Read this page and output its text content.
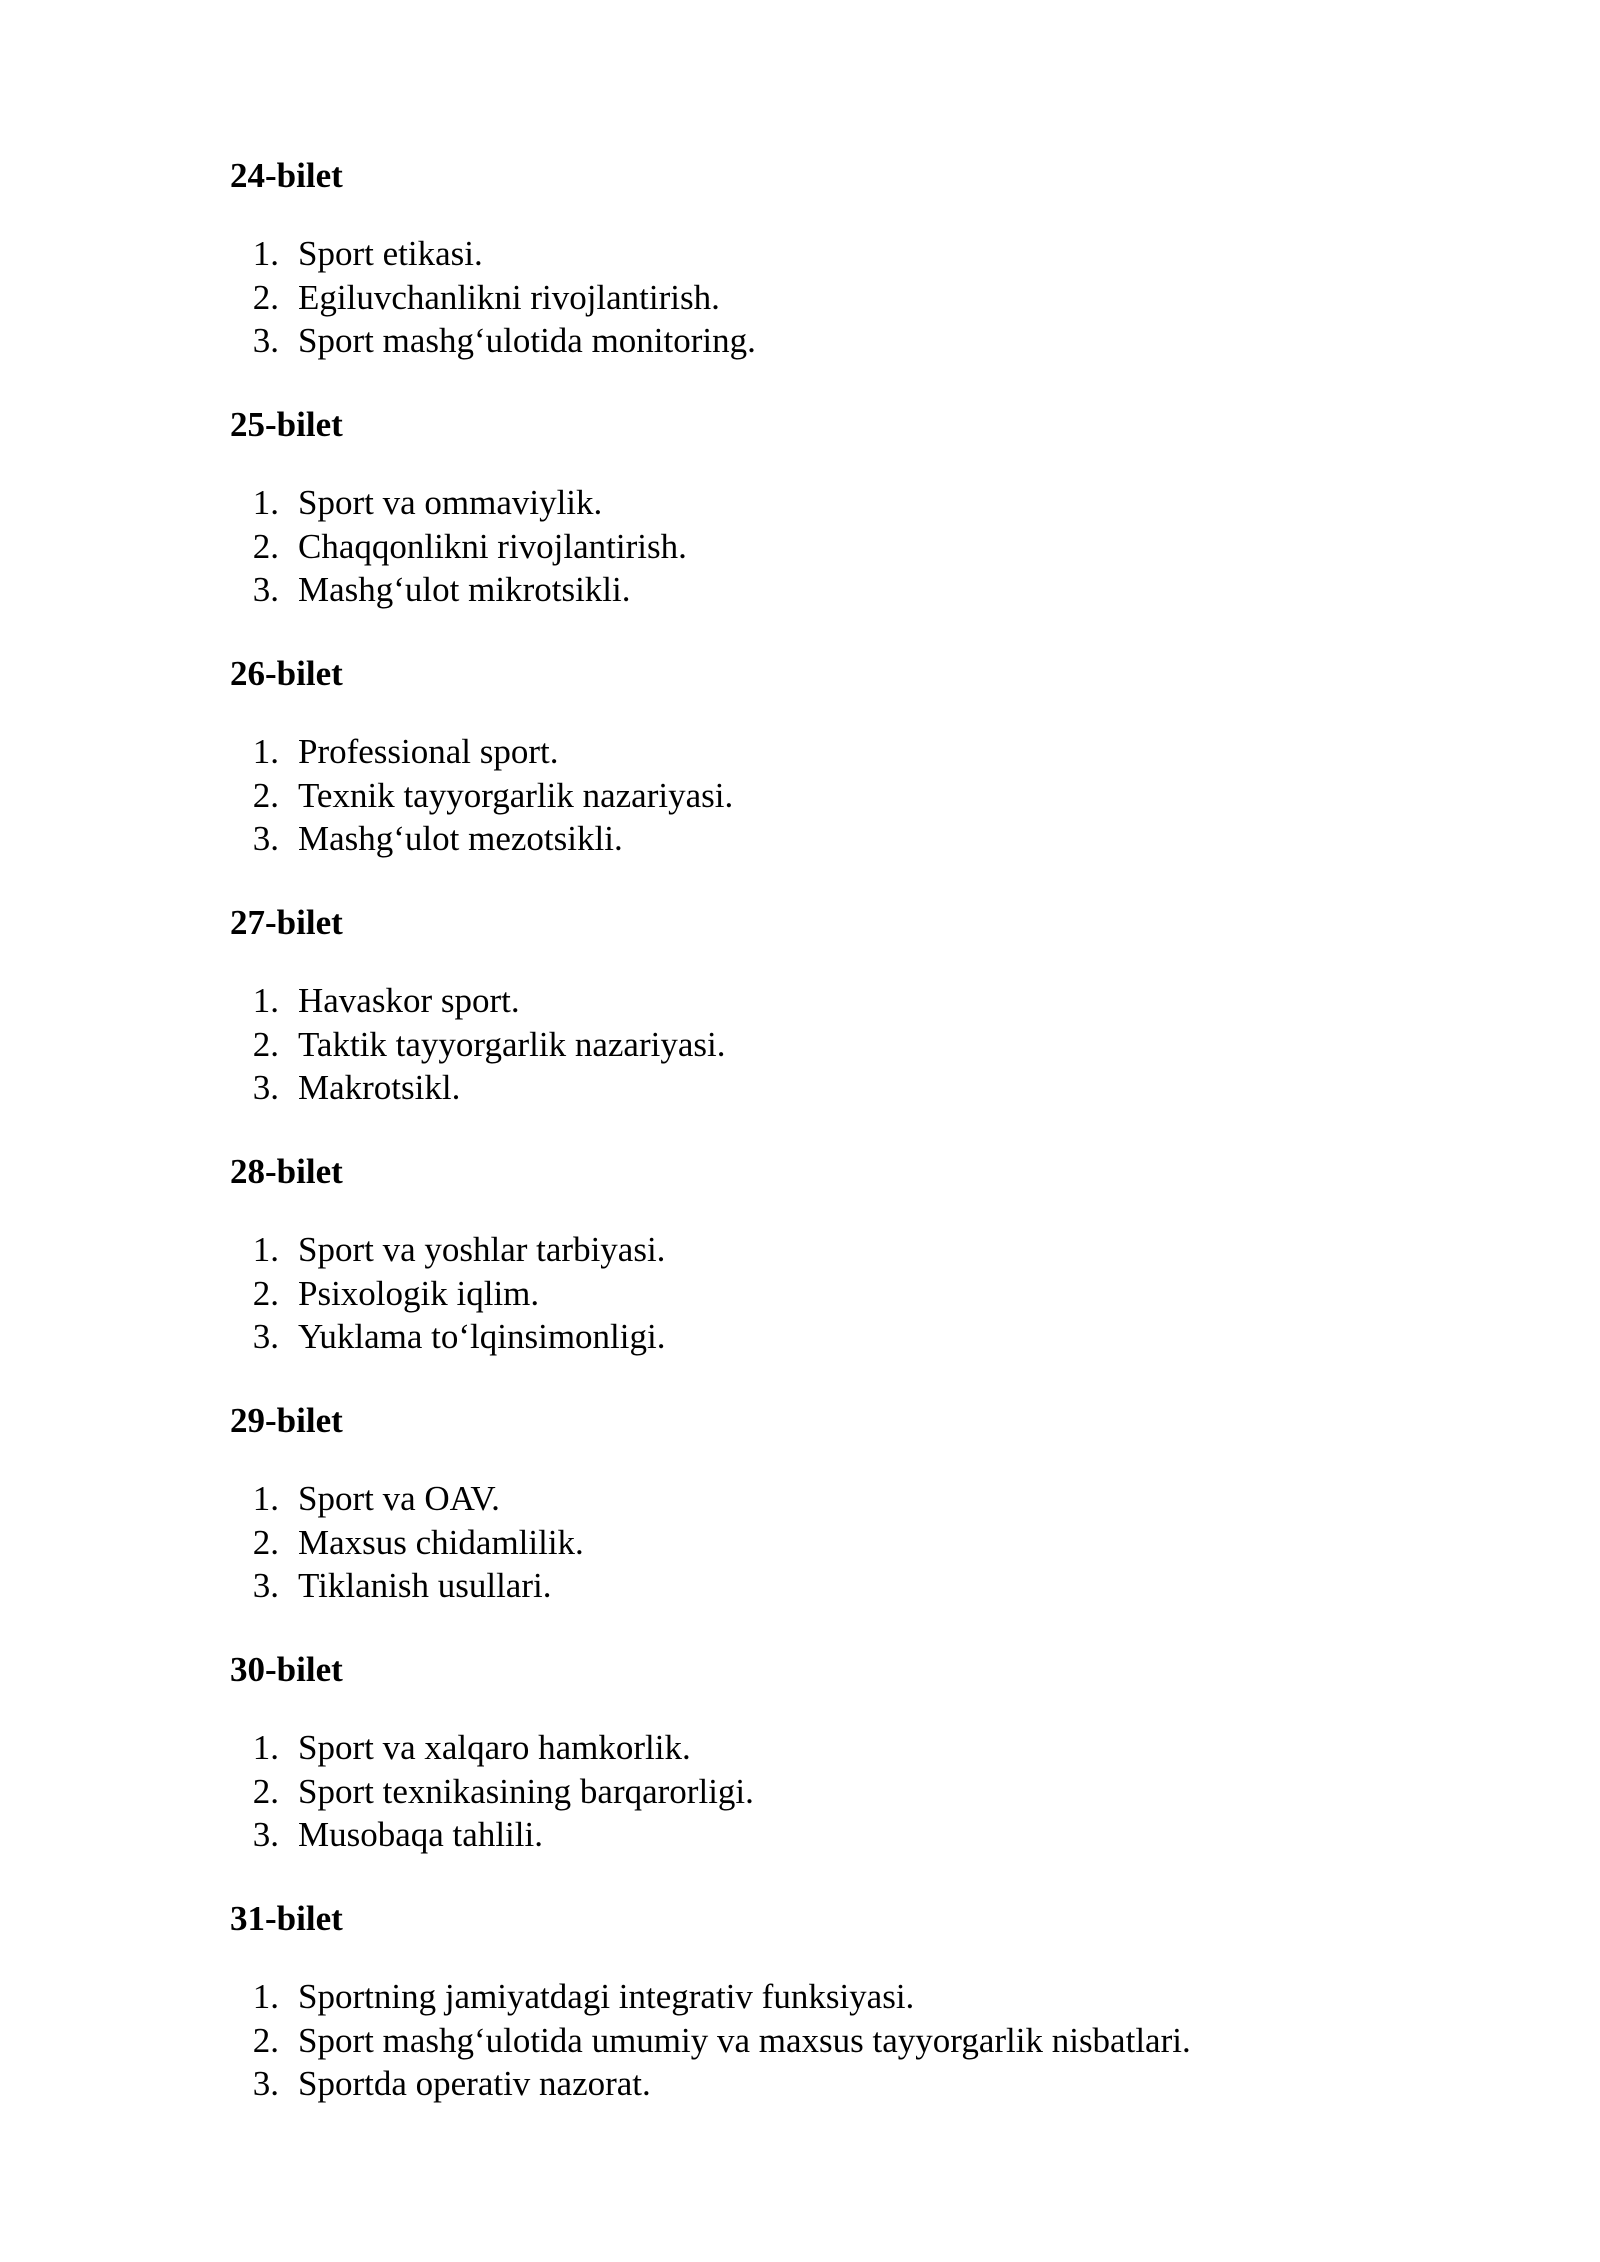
24-bilet
1. Sport etikasi.
2. Egiluvchanlikni rivojlantirish.
3. Sport mashg‘ulotida monitoring.
25-bilet
1. Sport va ommaviylik.
2. Chaqqonlikni rivojlantirish.
3. Mashg‘ulot mikrotsikli.
26-bilet
1. Professional sport.
2. Texnik tayyorgarlik nazariyasi.
3. Mashg‘ulot mezotsikli.
27-bilet
1. Havaskor sport.
2. Taktik tayyorgarlik nazariyasi.
3. Makrotsikl.
28-bilet
1. Sport va yoshlar tarbiyasi.
2. Psixologik iqlim.
3. Yuklama to‘lqinsimonligi.
29-bilet
1. Sport va OAV.
2. Maxsus chidamlilik.
3. Tiklanish usullari.
30-bilet
1. Sport va xalqaro hamkorlik.
2. Sport texnikasining barqarorligi.
3. Musobaqa tahlili.
31-bilet
1. Sportning jamiyatdagi integrativ funksiyasi.
2. Sport mashg‘ulotida umumiy va maxsus tayyorgarlik nisbatlari.
3. Sportda operativ nazorat.
